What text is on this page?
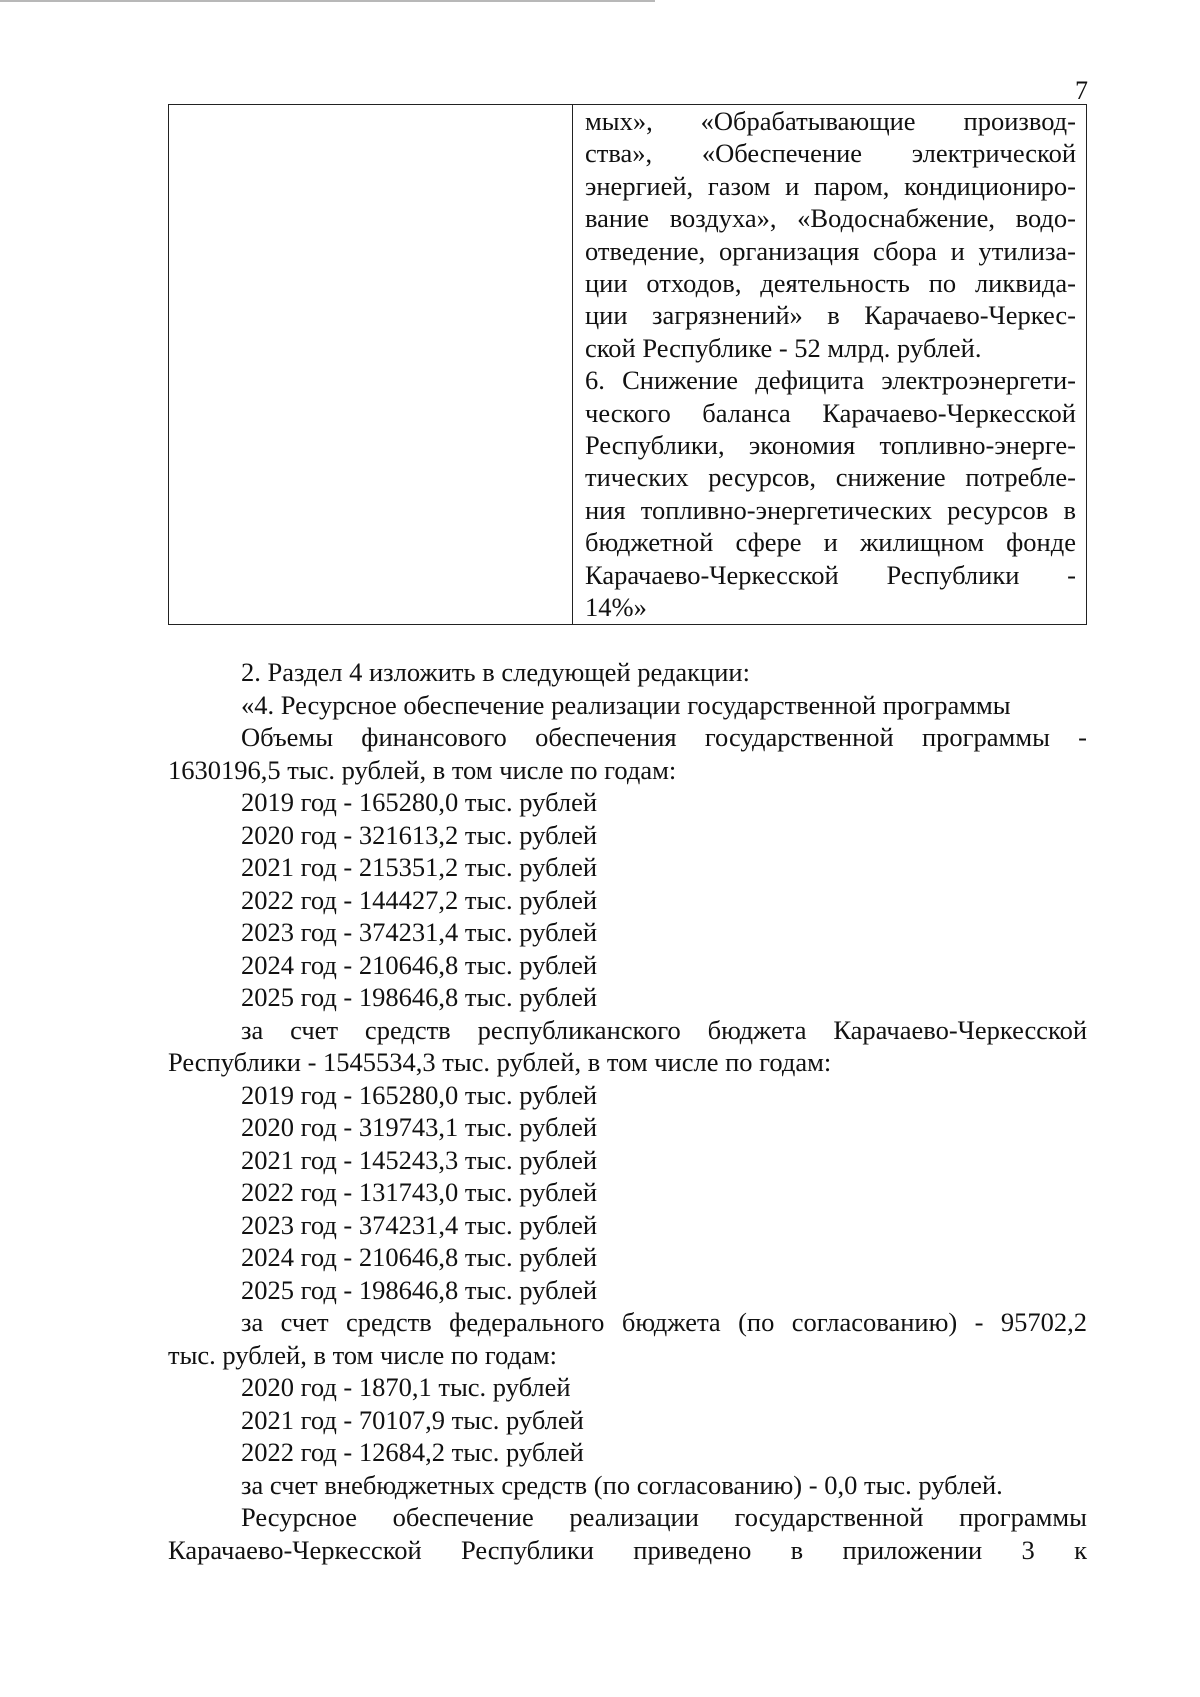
7
мых», «Обрабатывающие производ-
ства», «Обеспечение электрической
энергией, газом и паром, кондициониро-
вание воздуха», «Водоснабжение, водо-
отведение, организация сбора и утилиза-
ции отходов, деятельность по ликвида-
ции загрязнений» в Карачаево-Черкес-
ской Республике - 52 млрд. рублей.
6. Снижение дефицита электроэнергети-
ческого баланса Карачаево-Черкесской
Республики, экономия топливно-энерге-
тических ресурсов, снижение потребле-
ния топливно-энергетических ресурсов в
бюджетной сфере и жилищном фонде
Карачаево-Черкесской Республики -
14%»
2. Раздел 4 изложить в следующей редакции:
«4. Ресурсное обеспечение реализации государственной программы
Объемы финансового обеспечения государственной программы -
1630196,5 тыс. рублей, в том числе по годам:
2019 год - 165280,0 тыс. рублей
2020 год - 321613,2 тыс. рублей
2021 год - 215351,2 тыс. рублей
2022 год - 144427,2 тыс. рублей
2023 год - 374231,4 тыс. рублей
2024 год - 210646,8 тыс. рублей
2025 год - 198646,8 тыс. рублей
за счет средств республиканского бюджета Карачаево-Черкесской
Республики - 1545534,3 тыс. рублей, в том числе по годам:
2019 год - 165280,0 тыс. рублей
2020 год - 319743,1 тыс. рублей
2021 год - 145243,3 тыс. рублей
2022 год - 131743,0 тыс. рублей
2023 год - 374231,4 тыс. рублей
2024 год - 210646,8 тыс. рублей
2025 год - 198646,8 тыс. рублей
за счет средств федерального бюджета (по согласованию) - 95702,2
тыс. рублей, в том числе по годам:
2020 год - 1870,1 тыс. рублей
2021 год - 70107,9 тыс. рублей
2022 год - 12684,2 тыс. рублей
за счет внебюджетных средств (по согласованию) - 0,0 тыс. рублей.
Ресурсное обеспечение реализации государственной программы
Карачаево-Черкесской Республики приведено в приложении 3 к
